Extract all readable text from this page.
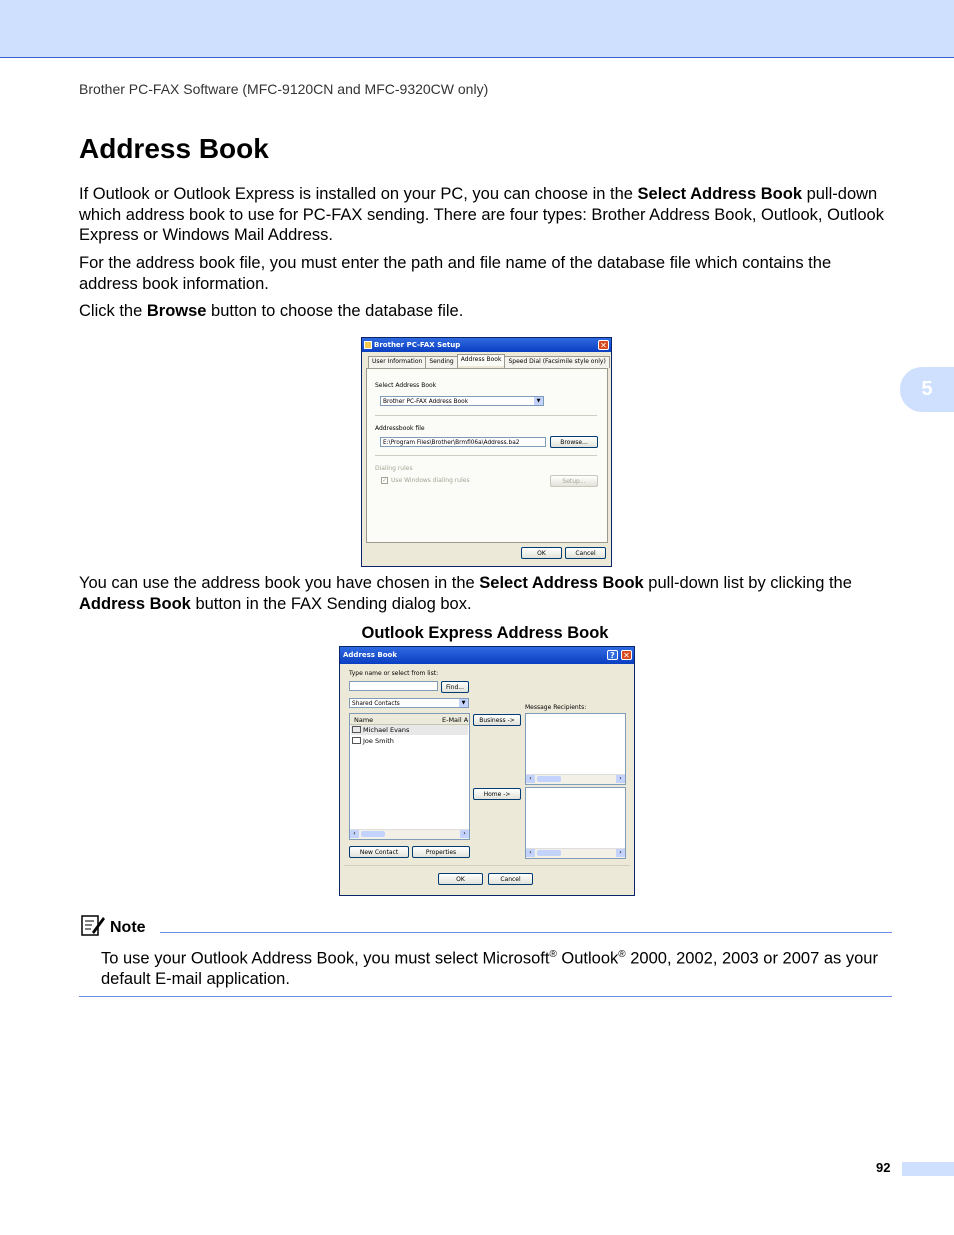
Brother PC-FAX Software (MFC-9120CN and MFC-9320CW only)
Address Book
5

If Outlook or Outlook Express is installed on your PC, you can choose in the Select Address Book pull-down which address book to use for PC-FAX sending. There are four types: Brother Address Book, Outlook, Outlook Express or Windows Mail Address.

For the address book file, you must enter the path and file name of the database file which contains the address book information.

Click the Browse button to choose the database file.

Brother PC-FAX Setup	✕
User Information	Sending	Address Book	Speed Dial (Facsimile style only)
Select Address Book
Brother PC-FAX Address Book	▼
Addressbook file
E:\Program Files\Brother\Brmfl06a\Address.ba2	Browse...
Dialing rules
✓ Use Windows dialing rules	Setup...
OK	Cancel

You can use the address book you have chosen in the Select Address Book pull-down list by clicking the Address Book button in the FAX Sending dialog box.

Outlook Express Address Book
Address Book	?	✕
Type name or select from list:
Find...
Shared Contacts	▼
Name	E-Mail A
Michael Evans
Joe Smith
‹	›
Business ->
Home ->
Message Recipients:
‹	›
‹	›
New Contact	Properties
OK	Cancel
Note

To use your Outlook Address Book, you must select Microsoft® Outlook® 2000, 2002, 2003 or 2007 as your default E-mail application.

92
